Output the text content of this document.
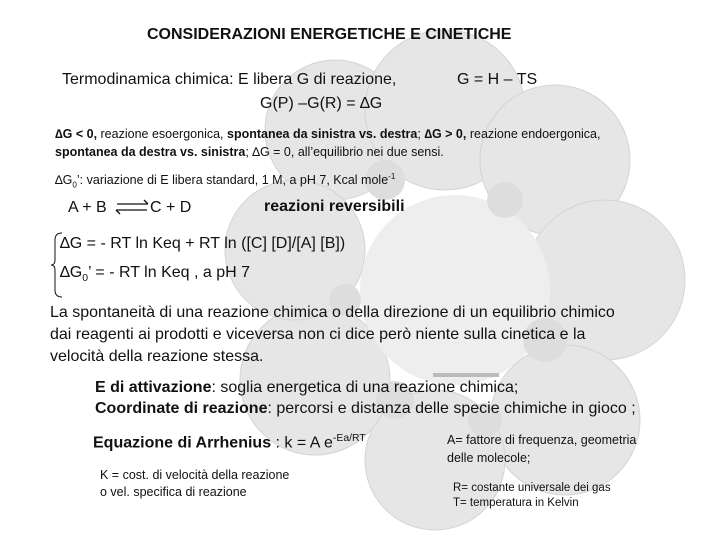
CONSIDERAZIONI ENERGETICHE E CINETICHE
Termodinamica chimica: E libera G di reazione,	G = H – TS
G(P) –G(R) = ∆G
∆G < 0, reazione esoergonica, spontanea da sinistra vs. destra; ∆G > 0, reazione endoergonica,
spontanea da destra vs. sinistra; ∆G = 0, all’equilibrio nei due sensi.
$\Delta G_0$’: variazione di E libera standard, 1 M, a pH 7, Kcal mole$^{-1}$
A + B ⇌ C + D	reazioni reversibili
∆G = - RT ln Keq + RT ln ([C] [D]/[A] [B])
$\Delta G_0$’ = - RT ln Keq , a pH 7
La spontaneità di una reazione chimica o della direzione di un equilibrio chimico
dai reagenti ai prodotti e viceversa non ci dice però niente sulla cinetica e la
velocità della reazione stessa.
E di attivazione: soglia energetica di una reazione chimica;
Coordinate di reazione: percorsi e distanza delle specie chimiche in gioco ;
Equazione di Arrhenius : k = A $e^{-Ea/RT}$	A= fattore di frequenza, geometria
delle molecole;
K = cost. di velocità della reazione
o vel. specifica di reazione	R= costante universale dei gas
T= temperatura in Kelvin
